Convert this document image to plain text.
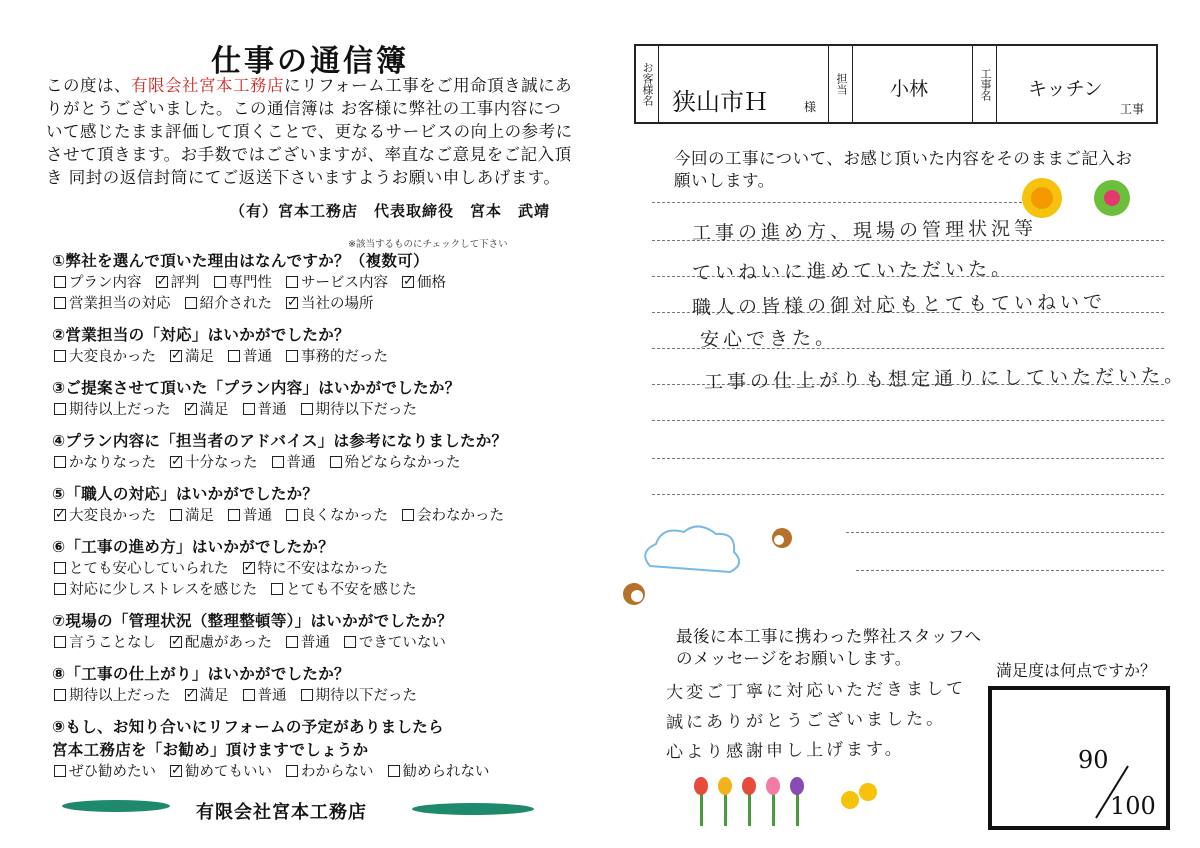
仕事の通信簿
この度は、有限会社宮本工務店にリフォーム工事をご用命頂き誠にありがとうございました。この通信簿は お客様に弊社の工事内容について感じたまま評価して頂くことで、更なるサービスの向上の参考にさせて頂きます。お手数ではございますが、率直なご意見をご記入頂き 同封の返信封筒にてご返送下さいますようお願い申しあげます。
（有）宮本工務店　代表取締役　宮本　武靖
※該当するものにチェックして下さい
①弊社を選んで頂いた理由はなんですか？（複数可）
プラン内容 ✓ 評判 専門性 サービス内容 ✓ 価格営業担当の対応 紹介された ✓ 当社の場所
②営業担当の「対応」はいかがでしたか？
大変良かった ✓ 満足 普通 事務的だった
③ご提案させて頂いた「プラン内容」はいかがでしたか？
期待以上だった ✓ 満足 普通 期待以下だった
④プラン内容に「担当者のアドバイス」は参考になりましたか？
かなりなった ✓ 十分なった 普通 殆どならなかった
⑤「職人の対応」はいかがでしたか？
✓大変良かった 満足 普通 良くなかった 会わなかった
⑥「工事の進め方」はいかがでしたか？
とても安心していられた ✓ 特に不安はなかった対応に少しストレスを感じた とても不安を感じた
⑦現場の「管理状況（整理整頓等）」はいかがでしたか？
言うことなし ✓ 配慮があった 普通 できていない
⑧「工事の仕上がり」はいかがでしたか？
期待以上だった ✓ 満足 普通 期待以下だった
⑨もし、お知り合いにリフォームの予定がありましたら
宮本工務店を「お勧め」頂けますでしょうか
ぜひ勧めたい ✓ 勧めてもいい わからない 勧められない
有限会社宮本工務店
お客様名 狭山市Ｈ	様
担当 小林	工事名 キッチン
工事
今回の工事について、お感じ頂いた内容をそのままご記入お願いします。
工事の進め方、現場の管理状況等
ていねいに進めていただいた。
職人の皆様の御対応もとてもていねいで
安心できた。
工事の仕上がりも想定通りにしていただいた。
最後に本工事に携わった弊社スタッフへのメッセージをお願いします。
大変ご丁寧に対応いただきまして
誠にありがとうございました。
心より感謝申し上げます。
満足度は何点ですか？
90
100
